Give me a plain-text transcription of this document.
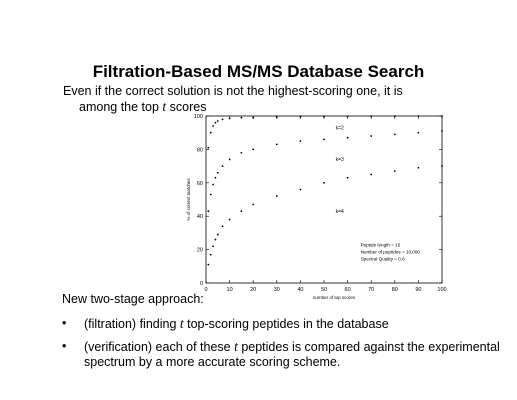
Filtration-Based MS/MS Database Search
Even if the correct solution is not the highest-scoring one, it is
among the top t scores
0	10	20	30	40	50	60	70	80	90	100
0
20
40
60
80
100
number of top scores
% of correct matches
k=2
k=3
k=4
Peptide length = 15
Number of peptides = 10,000
Spectral Quality = 0.6
New two-stage approach:
•	(filtration) finding t top-scoring peptides in the database
•	(verification) each of these t peptides is compared against the experimental spectrum by a more accurate scoring scheme.
